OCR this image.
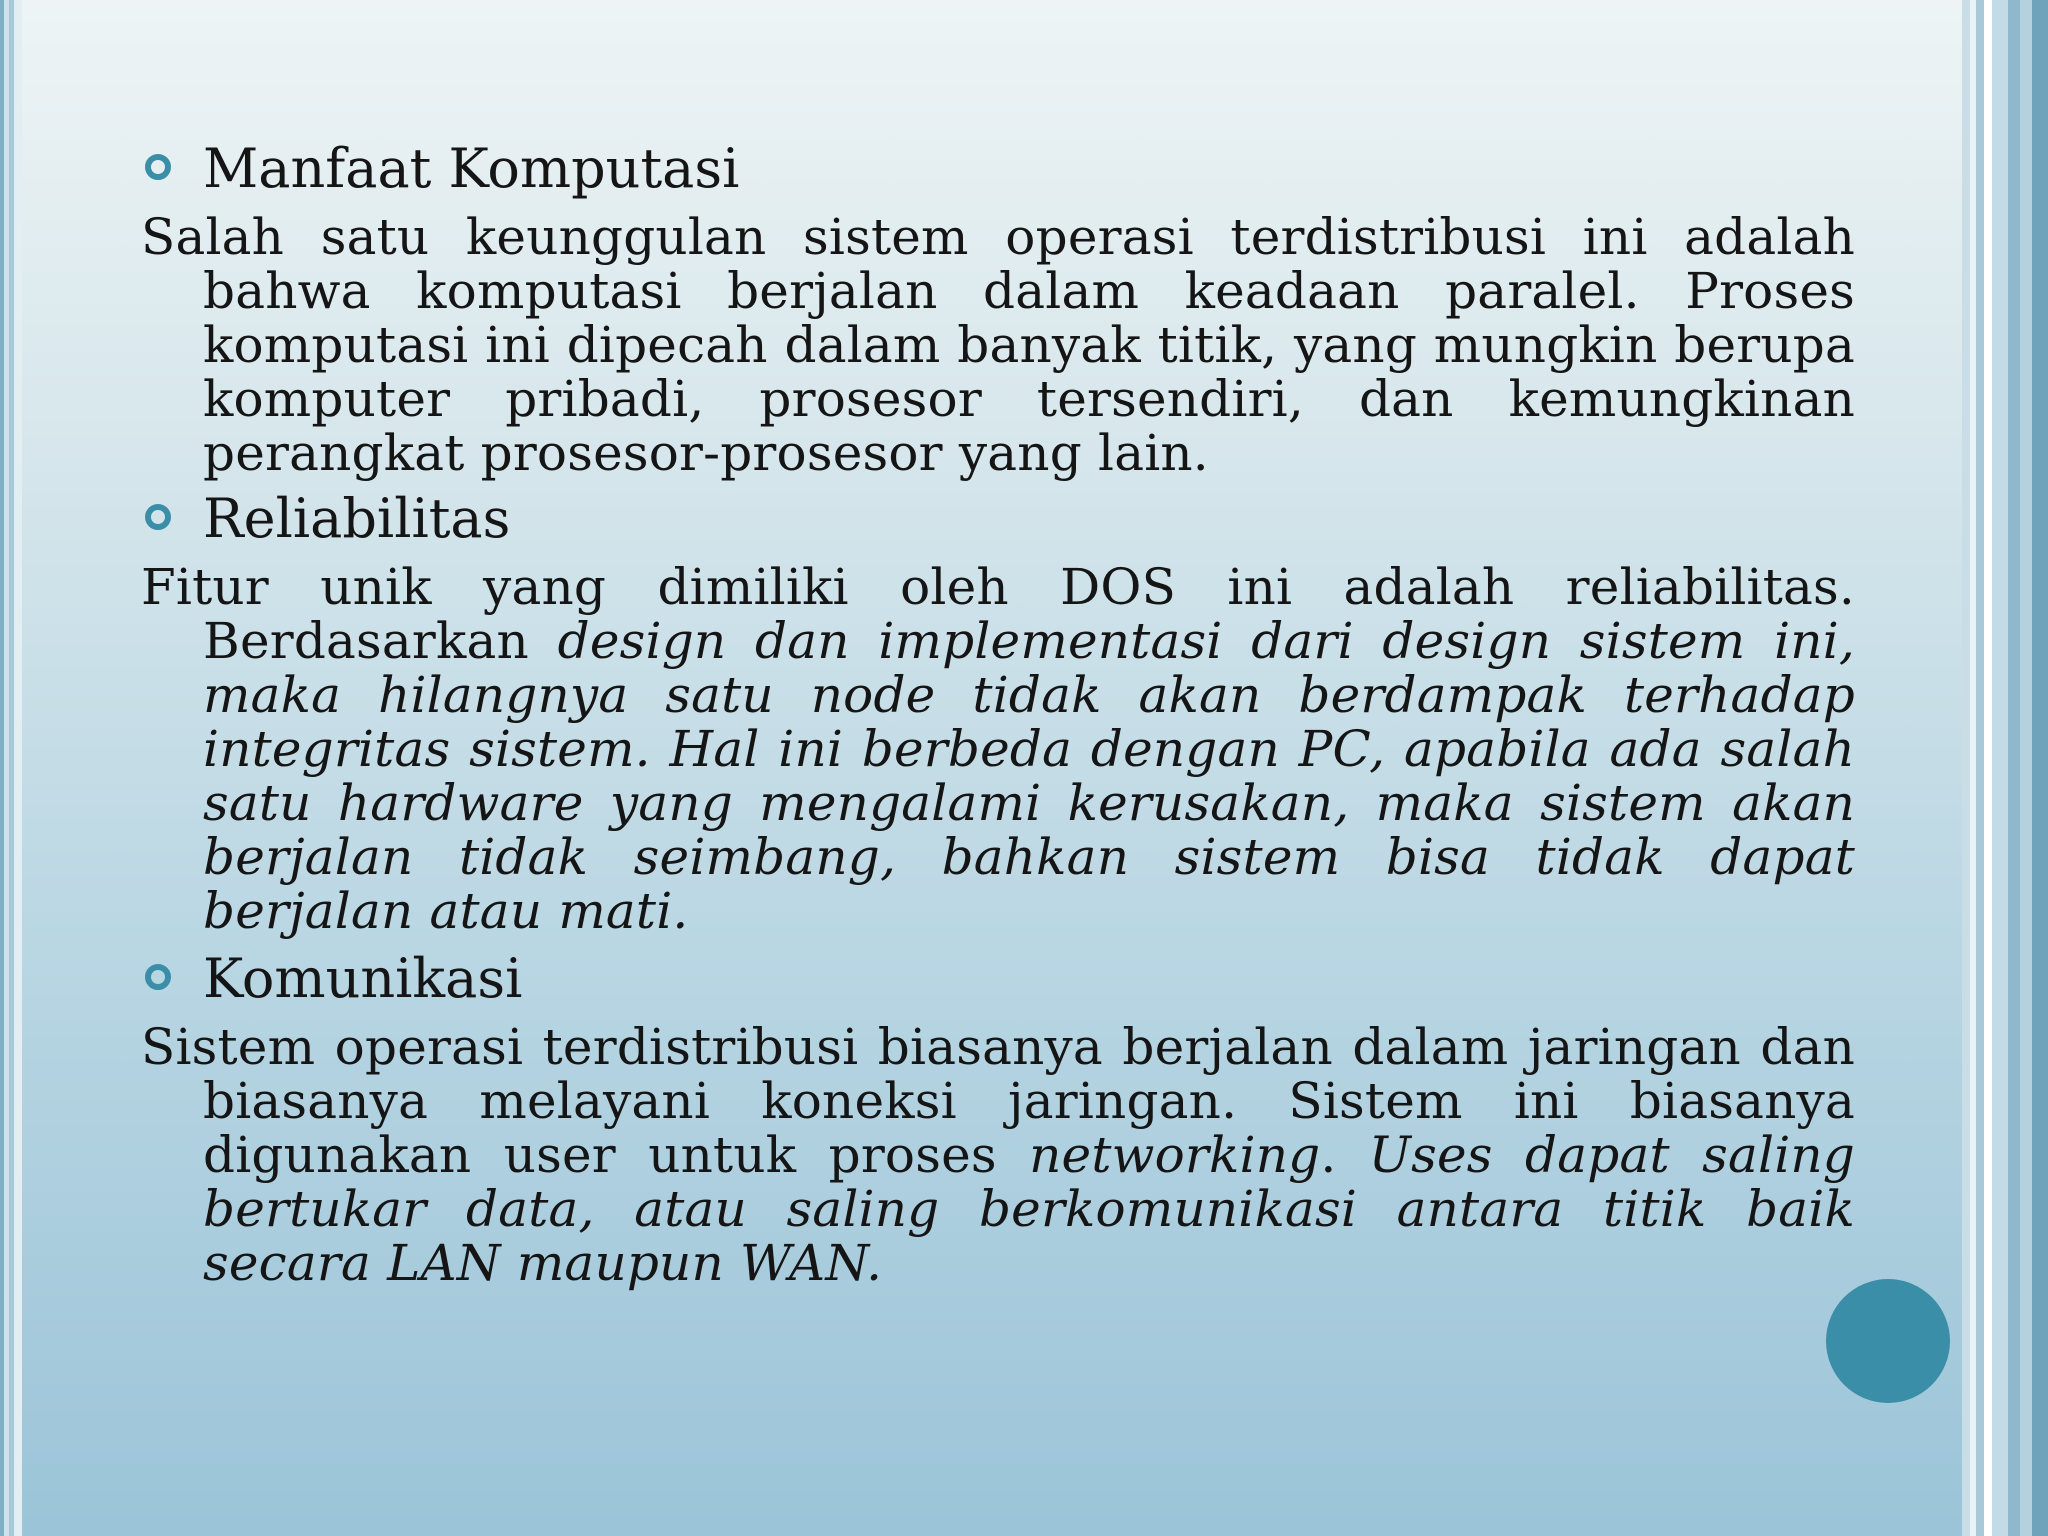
Manfaat Komputasi

Salah satu keunggulan sistem operasi terdistribusi ini adalah bahwa komputasi berjalan dalam keadaan paralel. Proses komputasi ini dipecah dalam banyak titik, yang mungkin berupa komputer pribadi, prosesor tersendiri, dan kemungkinan perangkat prosesor-prosesor yang lain.

Reliabilitas

Fitur unik yang dimiliki oleh DOS ini adalah reliabilitas. Berdasarkan design dan implementasi dari design sistem ini, maka hilangnya satu node tidak akan berdampak terhadap integritas sistem. Hal ini berbeda dengan PC, apabila ada salah satu hardware yang mengalami kerusakan, maka sistem akan berjalan tidak seimbang, bahkan sistem bisa tidak dapat berjalan atau mati.

Komunikasi

Sistem operasi terdistribusi biasanya berjalan dalam jaringan dan biasanya melayani koneksi jaringan. Sistem ini biasanya digunakan user untuk proses networking. Uses dapat saling bertukar data, atau saling berkomunikasi antara titik baik secara LAN maupun WAN.
